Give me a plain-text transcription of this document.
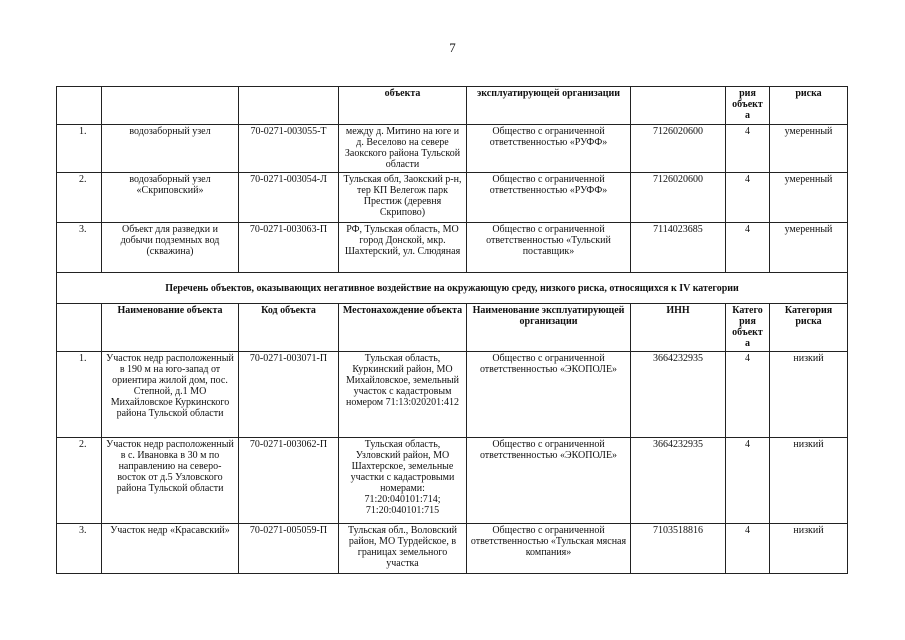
7
			объекта	эксплуатирующей организации		рия объект а	риска
1.	водозаборный узел	70-0271-003055-Т	между д. Митино на юге и д. Веселово на севере Заокского района Тульской области	Общество с ограниченной ответственностью «РУФФ»	7126020600	4	умеренный
2.	водозаборный узел «Скриповский»	70-0271-003054-Л	Тульская обл, Заокский р-н, тер КП Велегож парк Престиж (деревня Скрипово)	Общество с ограниченной ответственностью «РУФФ»	7126020600	4	умеренный
3.	Объект для разведки и добычи подземных вод (скважина)	70-0271-003063-П	РФ, Тульская область, МО город Донской, мкр. Шахтерский, ул. Слюдяная	Общество с ограниченной ответственностью «Тульский поставщик»	7114023685	4	умеренный
Перечень объектов, оказывающих негативное воздействие на окружающую среду, низкого риска, относящихся к IV категории							
	Наименование объекта	Код объекта	Местонахождение объекта	Наименование эксплуатирующей организации	ИНН	Катего рия объект а	Категория риска
1.	Участок недр расположенный в 190 м на юго-запад от ориентира жилой дом, пос. Степной, д.1 МО Михайловское Куркинского района Тульской области	70-0271-003071-П	Тульская область, Куркинский район, МО Михайловское, земельный участок с кадастровым номером 71:13:020201:412	Общество с ограниченной ответственностью «ЭКОПОЛЕ»	3664232935	4	низкий
2.	Участок недр расположенный в с. Ивановка в 30 м по направлению на северо-восток от д.5 Узловского района Тульской области	70-0271-003062-П	Тульская область, Узловский район, МО Шахтерское, земельные участки с кадастровыми номерами: 71:20:040101:714; 71:20:040101:715	Общество с ограниченной ответственностью «ЭКОПОЛЕ»	3664232935	4	низкий
3.	Участок недр «Красавский»	70-0271-005059-П	Тульская обл., Воловский район, МО Турдейское, в границах земельного участка	Общество с ограниченной ответственностью «Тульская мясная компания»	7103518816	4	низкий
